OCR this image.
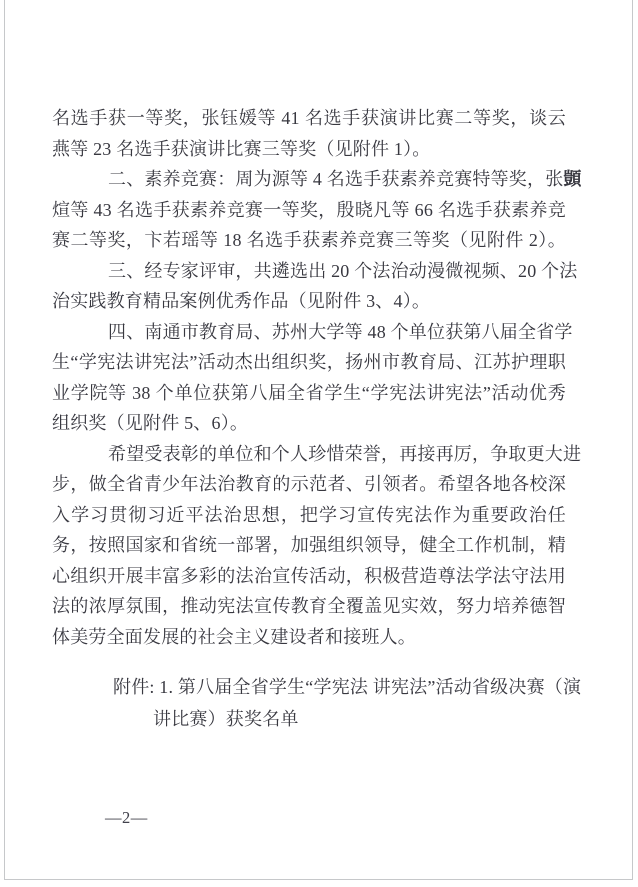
名选手获一等奖，张钰媛等 41 名选手获演讲比赛二等奖，谈云
燕等 23 名选手获演讲比赛三等奖（见附件 1）。
二、素养竞赛：周为源等 4 名选手获素养竞赛特等奖，张顗
煊等 43 名选手获素养竞赛一等奖，殷晓凡等 66 名选手获素养竞
赛二等奖，卞若瑶等 18 名选手获素养竞赛三等奖（见附件 2）。
三、经专家评审，共遴选出 20 个法治动漫微视频、20 个法
治实践教育精品案例优秀作品（见附件 3、4）。
四、南通市教育局、苏州大学等 48 个单位获第八届全省学
生“学宪法讲宪法”活动杰出组织奖，扬州市教育局、江苏护理职
业学院等 38 个单位获第八届全省学生“学宪法讲宪法”活动优秀
组织奖（见附件 5、6）。
希望受表彰的单位和个人珍惜荣誉，再接再厉，争取更大进
步，做全省青少年法治教育的示范者、引领者。希望各地各校深
入学习贯彻习近平法治思想，把学习宣传宪法作为重要政治任
务，按照国家和省统一部署，加强组织领导，健全工作机制，精
心组织开展丰富多彩的法治宣传活动，积极营造尊法学法守法用
法的浓厚氛围，推动宪法宣传教育全覆盖见实效，努力培养德智
体美劳全面发展的社会主义建设者和接班人。
附件: 1. 第八届全省学生“学宪法 讲宪法”活动省级决赛（演
讲比赛）获奖名单
—2—
